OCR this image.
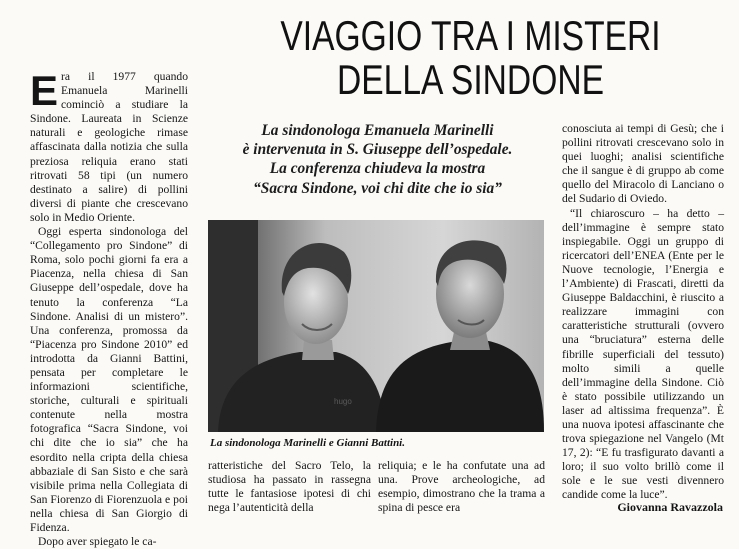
VIAGGIO TRA I MISTERI
DELLA SINDONE
E ra il 1977 quando Emanuela Marinelli cominciò a studiare la Sindone. Laureata in Scienze naturali e geologiche rimase affascinata dalla notizia che sulla preziosa reliquia erano stati ritrovati 58 tipi (un numero destinato a salire) di pollini diversi di piante che crescevano solo in Medio Oriente.

Oggi esperta sindonologa del “Collegamento pro Sindone” di Roma, solo pochi giorni fa era a Piacenza, nella chiesa di San Giuseppe dell’ospedale, dove ha tenuto la conferenza “La Sindone. Analisi di un mistero”. Una conferenza, promossa da “Piacenza pro Sindone 2010” ed introdotta da Gianni Battini, pensata per completare le informazioni scientifiche, storiche, culturali e spirituali contenute nella mostra fotografica “Sacra Sindone, voi chi dite che io sia” che ha esordito nella cripta della chiesa abbaziale di San Sisto e che sarà visibile prima nella Collegiata di San Fiorenzo di Fiorenzuola e poi nella chiesa di San Giorgio di Fidenza.

Dopo aver spiegato le ca-

La sindonologa Emanuela Marinelli
è intervenuta in S. Giuseppe dell’ospedale.
La conferenza chiudeva la mostra
“Sacra Sindone, voi chi dite che io sia”
hugo

La sindonologa Marinelli e Gianni Battini.

ratteristiche del Sacro Telo, la studiosa ha passato in rassegna tutte le fantasiose ipotesi di chi nega l’autenticità della

reliquia; e le ha confutate una ad una. Prove archeologiche, ad esempio, dimostrano che la trama a spina di pesce era

conosciuta ai tempi di Gesù; che i pollini ritrovati crescevano solo in quei luoghi; analisi scientifiche che il sangue è di gruppo ab come quello del Miracolo di Lanciano o del Sudario di Oviedo.

“Il chiaroscuro – ha detto – dell’immagine è sempre stato inspiegabile. Oggi un gruppo di ricercatori dell’ENEA (Ente per le Nuove tecnologie, l’Energia e l’Ambiente) di Frascati, diretti da Giuseppe Baldacchini, è riuscito a realizzare immagini con caratteristiche strutturali (ovvero una “bruciatura” esterna delle fibrille superficiali del tessuto) molto simili a quelle dell’immagine della Sindone. Ciò è stato possibile utilizzando un laser ad altissima frequenza”. È una nuova ipotesi affascinante che trova spiegazione nel Vangelo (Mt 17, 2): “E fu trasfigurato davanti a loro; il suo volto brillò come il sole e le sue vesti divennero candide come la luce”.

Giovanna Ravazzola
